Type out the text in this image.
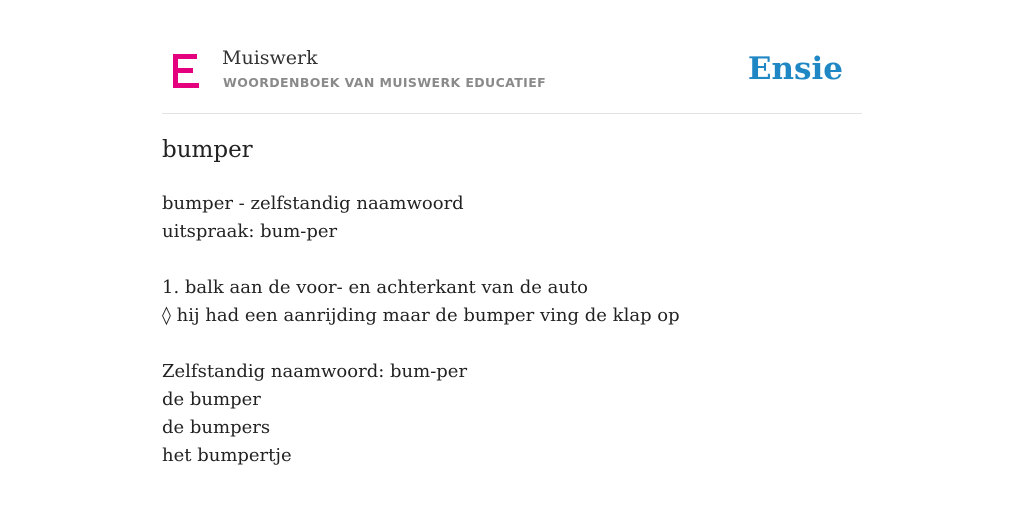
Muiswerk
WOORDENBOEK VAN MUISWERK EDUCATIEF	Ensie
bumper
bumper - zelfstandig naamwoord
uitspraak: bum-per
1. balk aan de voor- en achterkant van de auto
◊ hij had een aanrijding maar de bumper ving de klap op
Zelfstandig naamwoord: bum-per
de bumper
de bumpers
het bumpertje
